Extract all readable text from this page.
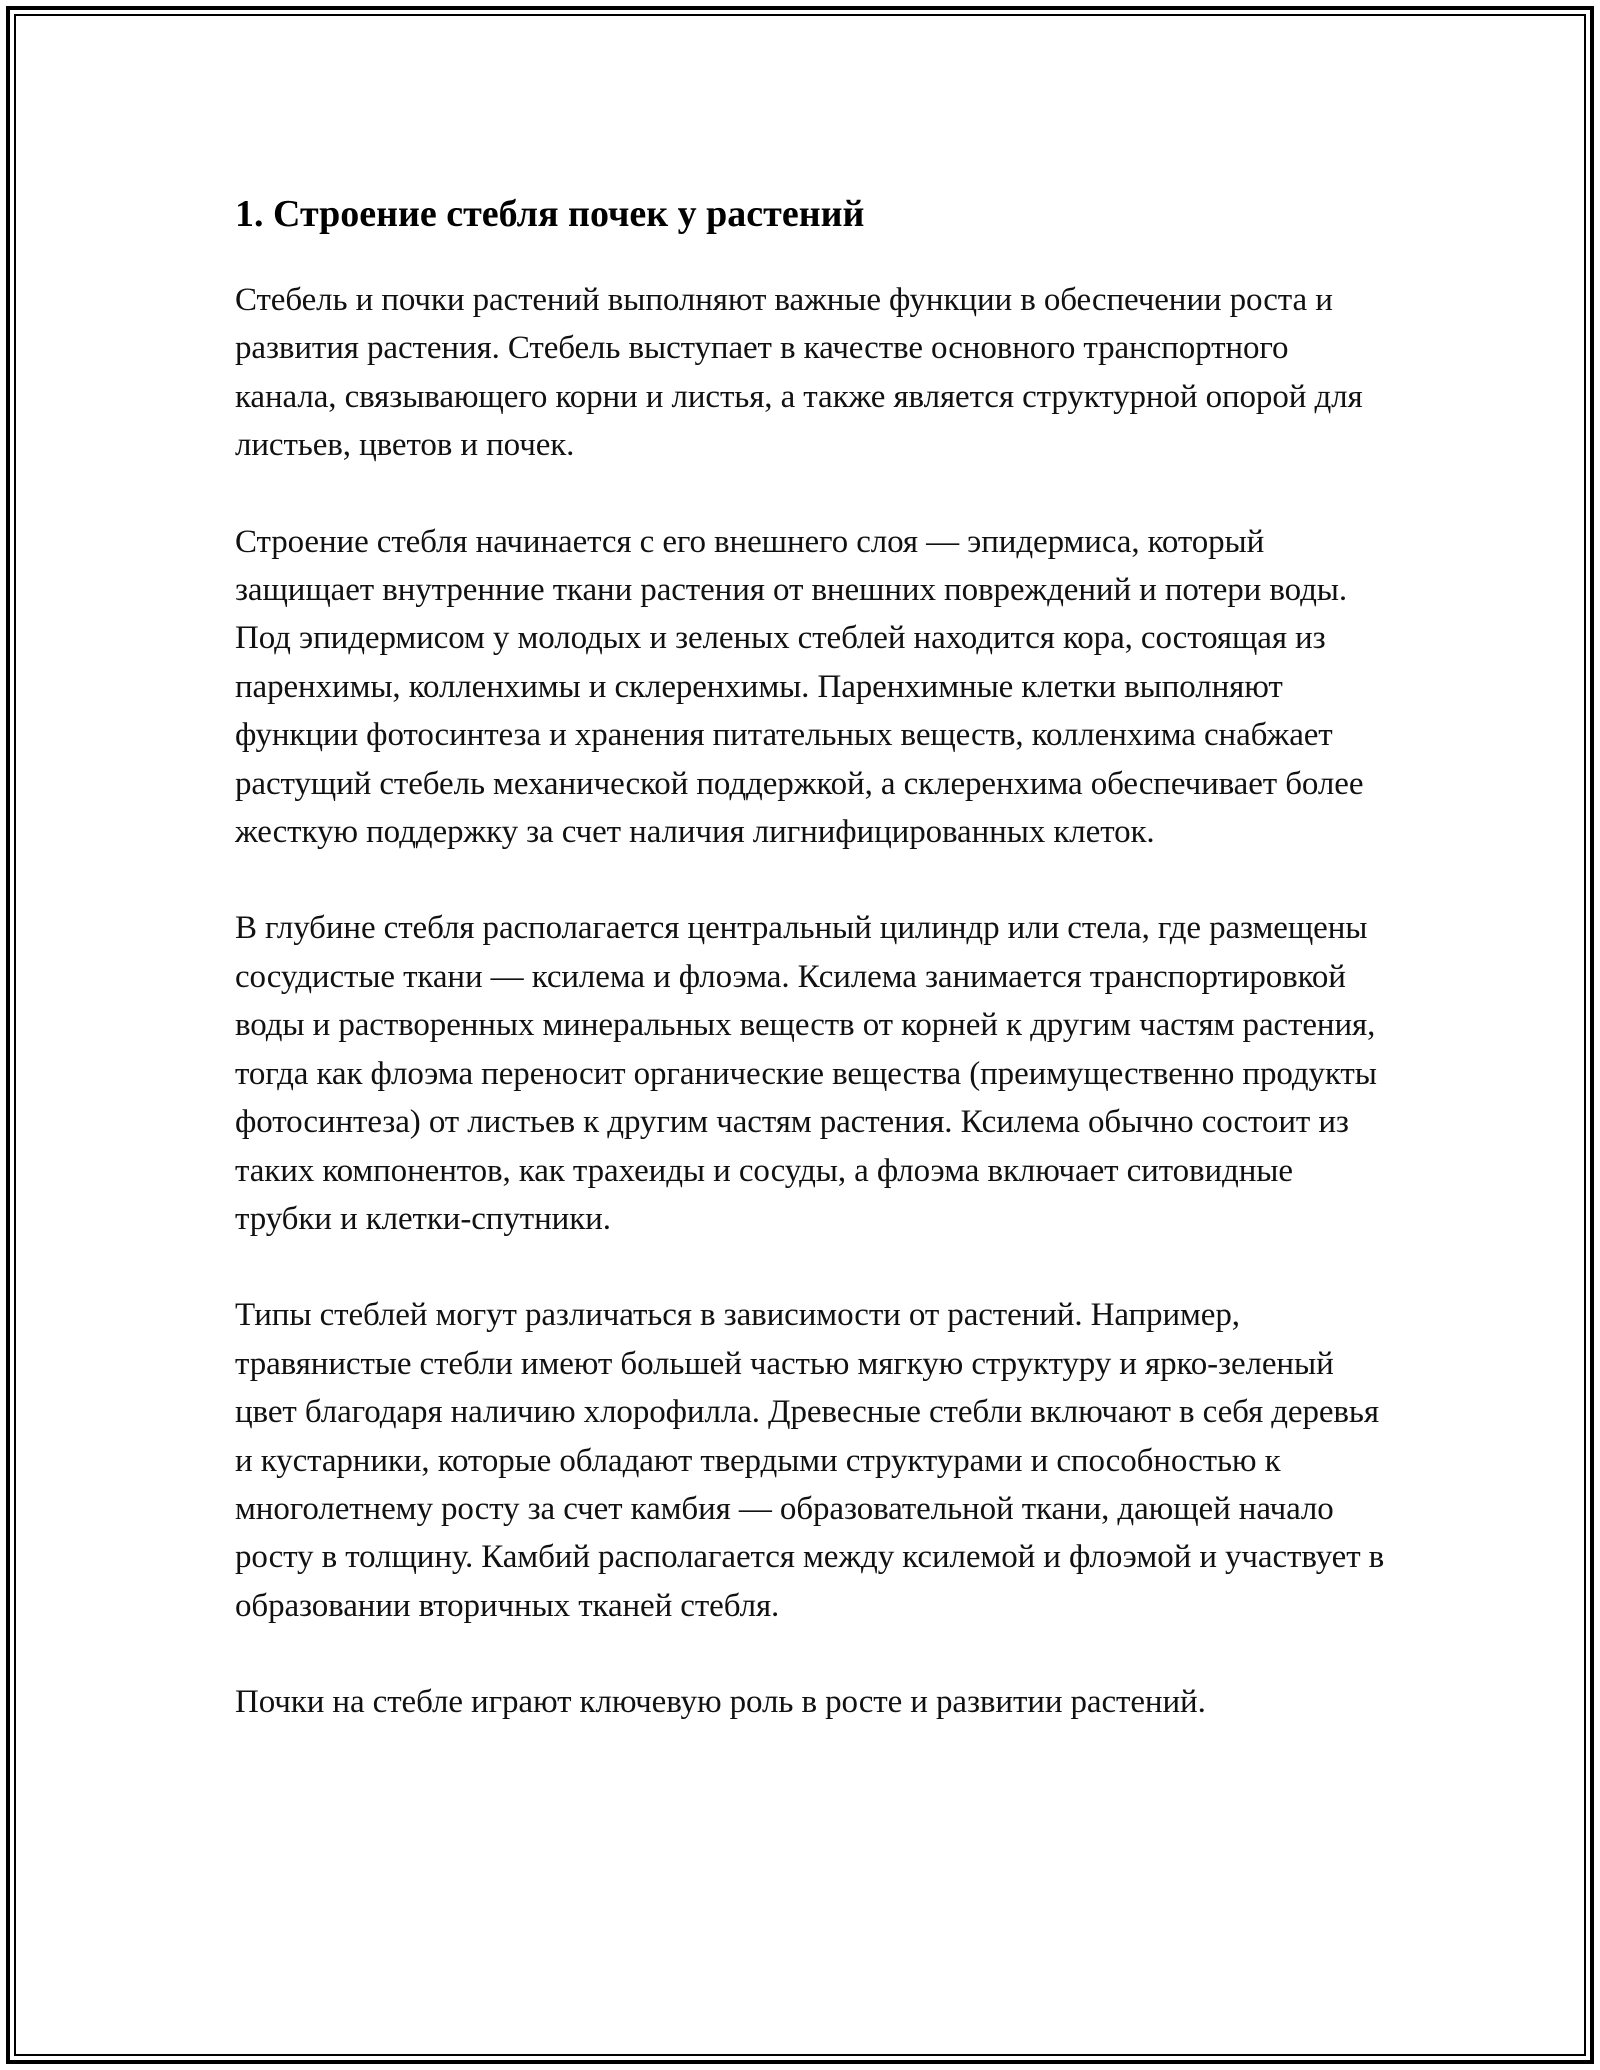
1. Строение стебля почек у растений

Стебель и почки растений выполняют важные функции в обеспечении роста и развития растения. Стебель выступает в качестве основного транспортного канала, связывающего корни и листья, а также является структурной опорой для листьев, цветов и почек.

Строение стебля начинается с его внешнего слоя — эпидермиса, который защищает внутренние ткани растения от внешних повреждений и потери воды. Под эпидермисом у молодых и зеленых стеблей находится кора, состоящая из паренхимы, колленхимы и склеренхимы. Паренхимные клетки выполняют функции фотосинтеза и хранения питательных веществ, колленхима снабжает растущий стебель механической поддержкой, а склеренхима обеспечивает более жесткую поддержку за счет наличия лигнифицированных клеток.

В глубине стебля располагается центральный цилиндр или стела, где размещены сосудистые ткани — ксилема и флоэма. Ксилема занимается транспортировкой воды и растворенных минеральных веществ от корней к другим частям растения, тогда как флоэма переносит органические вещества (преимущественно продукты фотосинтеза) от листьев к другим частям растения. Ксилема обычно состоит из таких компонентов, как трахеиды и сосуды, а флоэма включает ситовидные трубки и клетки-спутники.

Типы стеблей могут различаться в зависимости от растений. Например, травянистые стебли имеют большей частью мягкую структуру и ярко-зеленый цвет благодаря наличию хлорофилла. Древесные стебли включают в себя деревья и кустарники, которые обладают твердыми структурами и способностью к многолетнему росту за счет камбия — образовательной ткани, дающей начало росту в толщину. Камбий располагается между ксилемой и флоэмой и участвует в образовании вторичных тканей стебля.

Почки на стебле играют ключевую роль в росте и развитии растений.
